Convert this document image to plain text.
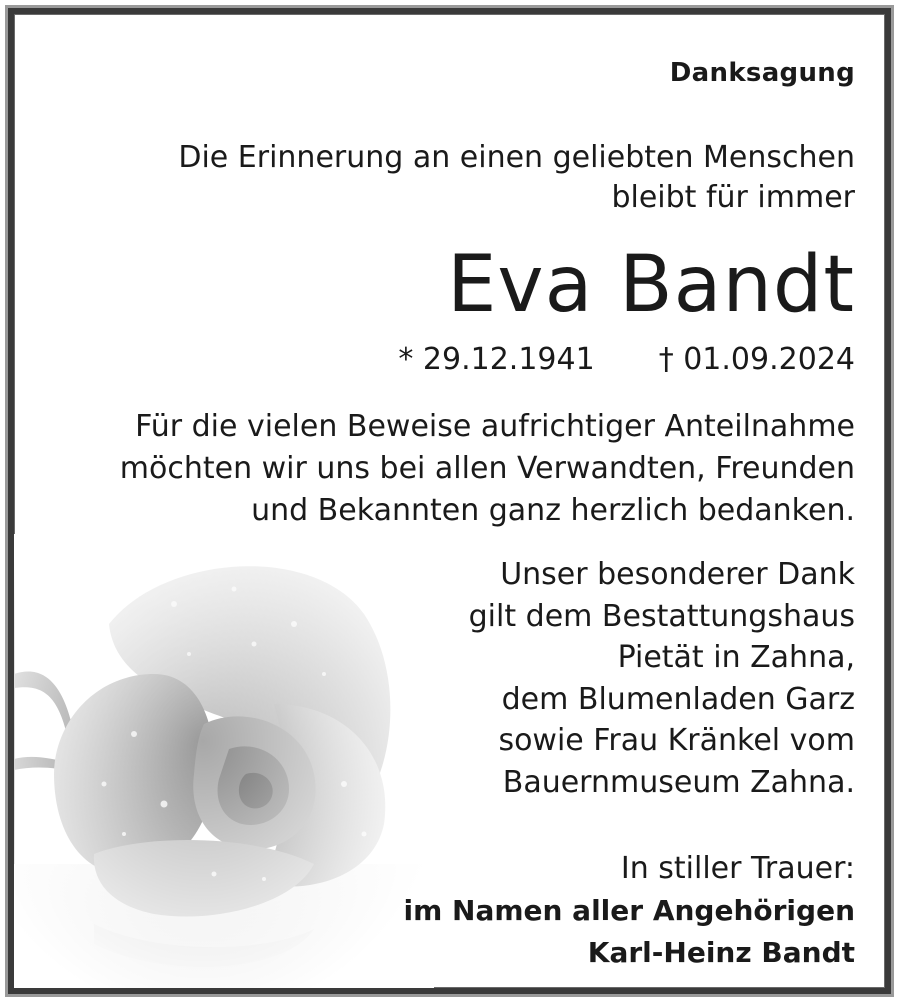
Danksagung
Die Erinnerung an einen geliebten Menschen
bleibt für immer
Eva Bandt
* 29.12.1941 † 01.09.2024
Für die vielen Beweise aufrichtiger Anteilnahme
möchten wir uns bei allen Verwandten, Freunden
und Bekannten ganz herzlich bedanken.
Unser besonderer Dank
gilt dem Bestattungshaus
Pietät in Zahna,
dem Blumenladen Garz
sowie Frau Kränkel vom
Bauernmuseum Zahna.
In stiller Trauer:
im Namen aller Angehörigen
Karl-Heinz Bandt
